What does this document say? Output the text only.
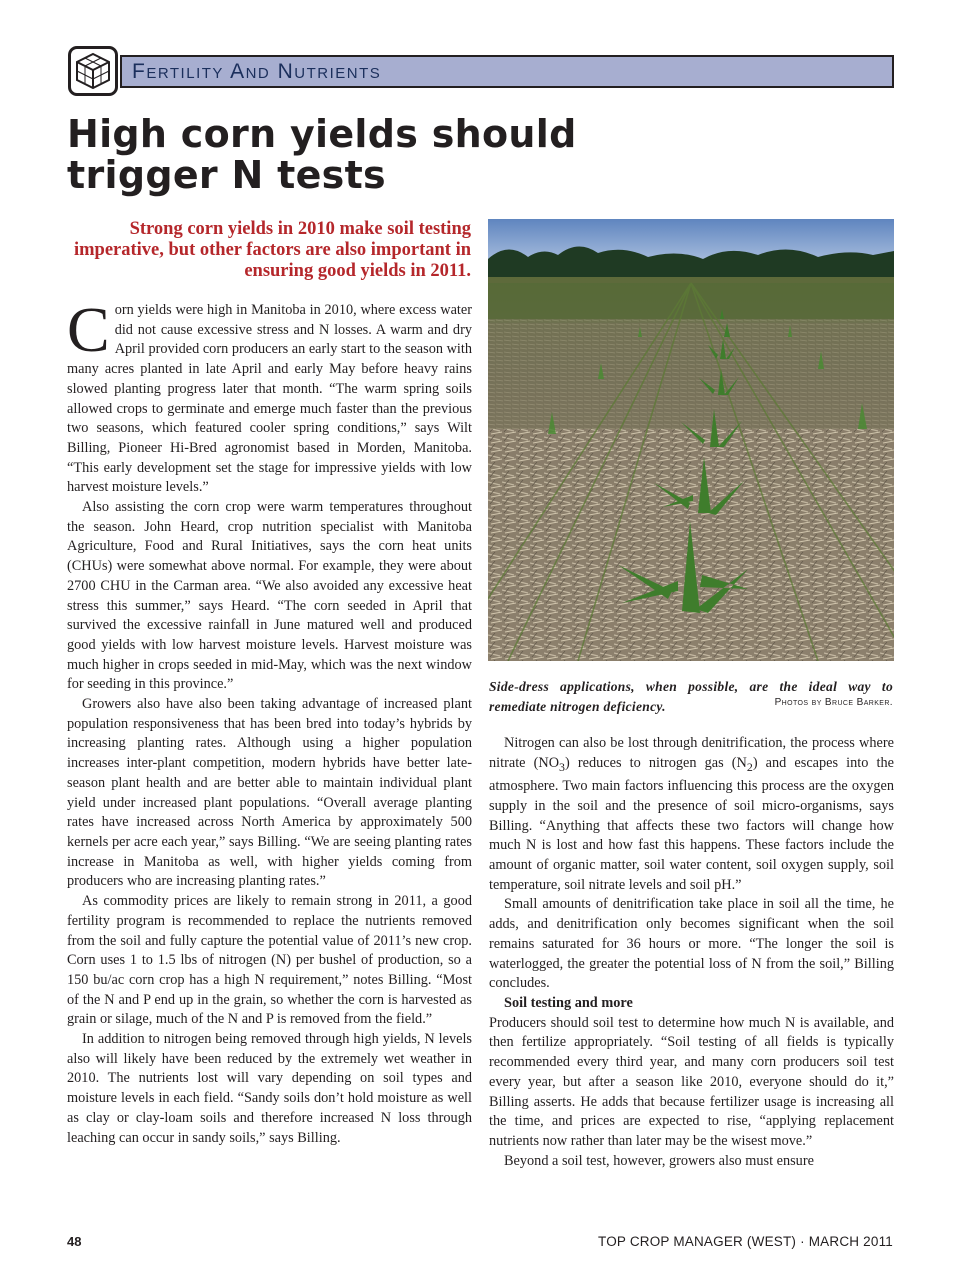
Fertility And Nutrients
High corn yields should
trigger N tests

Strong corn yields in 2010 make soil testing imperative, but other factors are also important in ensuring good yields in 2011.

Side-dress applications, when possible, are the ideal way to remediate nitrogen deficiency.	Photos by Bruce Barker.

Corn yields were high in Manitoba in 2010, where excess water did not cause excessive stress and N losses. A warm and dry April provided corn producers an early start to the season with many acres planted in late April and early May before heavy rains slowed planting progress later that month. “The warm spring soils allowed crops to germinate and emerge much faster than the previous two seasons, which featured cooler spring conditions,” says Wilt Billing, Pioneer Hi-Bred agronomist based in Morden, Manitoba. “This early development set the stage for impressive yields with low harvest moisture levels.”

Also assisting the corn crop were warm temperatures throughout the season. John Heard, crop nutrition specialist with Manitoba Agriculture, Food and Rural Initiatives, says the corn heat units (CHUs) were somewhat above normal. For example, they were about 2700 CHU in the Carman area. “We also avoided any excessive heat stress this summer,” says Heard. “The corn seeded in April that survived the excessive rainfall in June matured well and produced good yields with low harvest moisture levels. Harvest moisture was much higher in crops seeded in mid-May, which was the next window for seeding in this province.”

Growers also have also been taking advantage of increased plant population responsiveness that has been bred into today’s hybrids by increasing planting rates. Although using a higher population increases inter-plant competition, modern hybrids have better late-season plant health and are better able to maintain individual plant yield under increased plant populations. “Overall average planting rates have increased across North America by approximately 500 kernels per acre each year,” says Billing. “We are seeing planting rates increase in Manitoba as well, with higher yields coming from producers who are increasing planting rates.”

As commodity prices are likely to remain strong in 2011, a good fertility program is recommended to replace the nutrients removed from the soil and fully capture the potential value of 2011’s new crop. Corn uses 1 to 1.5 lbs of nitrogen (N) per bushel of production, so a 150 bu/ac corn crop has a high N requirement,” notes Billing. “Most of the N and P end up in the grain, so whether the corn is harvested as grain or silage, much of the N and P is removed from the field.”

In addition to nitrogen being removed through high yields, N levels also will likely have been reduced by the extremely wet weather in 2010. The nutrients lost will vary depending on soil types and moisture levels in each field. “Sandy soils don’t hold moisture as well as clay or clay-loam soils and therefore increased N loss through leaching can occur in sandy soils,” says Billing.

Nitrogen can also be lost through denitrification, the process where nitrate $(NO_3)$ reduces to nitrogen gas $(N_2)$ and escapes into the atmosphere. Two main factors influencing this process are the oxygen supply in the soil and the presence of soil micro-organisms, says Billing. “Anything that affects these two factors will change how much N is lost and how fast this happens. These factors include the amount of organic matter, soil water content, soil oxygen supply, soil temperature, soil nitrate levels and soil pH.”

Small amounts of denitrification take place in soil all the time, he adds, and denitrification only becomes significant when the soil remains saturated for 36 hours or more. “The longer the soil is waterlogged, the greater the potential loss of N from the soil,” Billing concludes.

Soil testing and more

Producers should soil test to determine how much N is available, and then fertilize appropriately. “Soil testing of all fields is typically recommended every third year, and many corn producers soil test every year, but after a season like 2010, everyone should do it,” Billing asserts. He adds that because fertilizer usage is increasing all the time, and prices are expected to rise, “applying replacement nutrients now rather than later may be the wisest move.”

Beyond a soil test, however, growers also must ensure

48	TOP CROP MANAGER (WEST) · MARCH 2011
